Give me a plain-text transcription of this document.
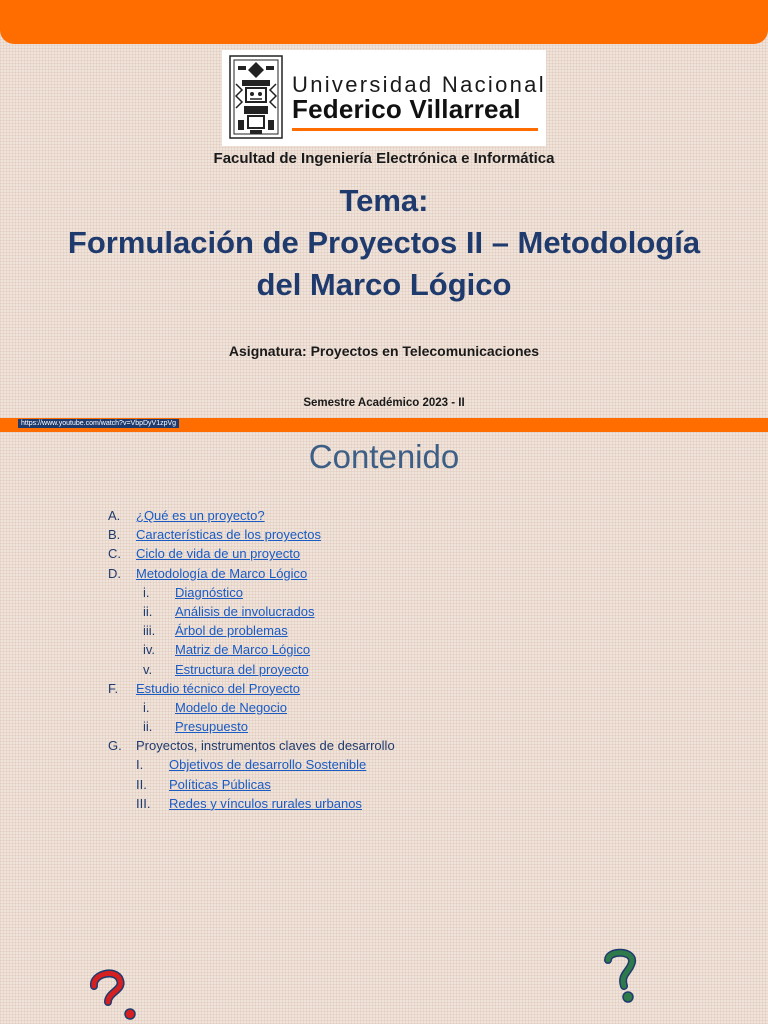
Universidad Nacional
Federico Villarreal
Facultad de Ingeniería Electrónica e Informática
Tema:
Formulación de Proyectos II – Metodología
del Marco Lógico
Asignatura: Proyectos en Telecomunicaciones
Semestre Académico 2023 - II
https://www.youtube.com/watch?v=VbpDyV1zpVg
Contenido
A. ¿Qué es un proyecto?
B. Características de los proyectos
C. Ciclo de vida de un proyecto
D. Metodología de Marco Lógico
i. Diagnóstico
ii. Análisis de involucrados
iii. Árbol de problemas
iv. Matriz de Marco Lógico
v. Estructura del proyecto
F. Estudio técnico del Proyecto
i. Modelo de Negocio
ii. Presupuesto
G. Proyectos, instrumentos claves de desarrollo
I. Objetivos de desarrollo Sostenible
II. Políticas Públicas
III. Redes y vínculos rurales urbanos
